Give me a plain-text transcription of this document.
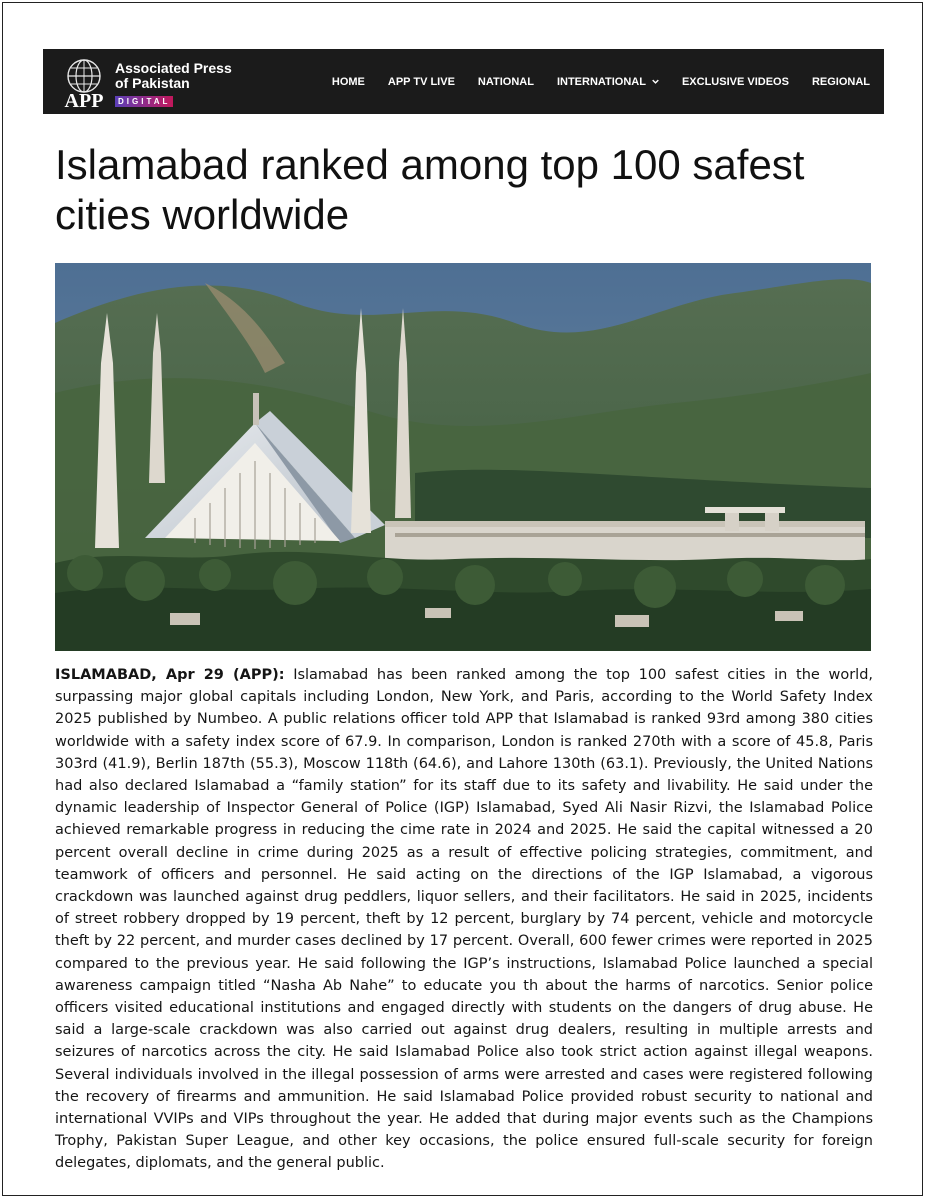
APP
Associated Press
of Pakistan
DIGITAL
HOME APP TV LIVE NATIONAL INTERNATIONAL	EXCLUSIVE VIDEOS REGIONAL
Islamabad ranked among top 100 safest cities worldwide

ISLAMABAD, Apr 29 (APP): Islamabad has been ranked among the top 100 safest cities in the world, surpassing major global capitals including London, New York, and Paris, according to the World Safety Index 2025 published by Numbeo. A public relations officer told APP that Islamabad is ranked 93rd among 380 cities worldwide with a safety index score of 67.9. In comparison, London is ranked 270th with a score of 45.8, Paris 303rd (41.9), Berlin 187th (55.3), Moscow 118th (64.6), and Lahore 130th (63.1). Previously, the United Nations had also declared Islamabad a “family station” for its staff due to its safety and livability. He said under the dynamic leadership of Inspector General of Police (IGP) Islamabad, Syed Ali Nasir Rizvi, the Islamabad Police achieved remarkable progress in reducing the cime rate in 2024 and 2025. He said the capital witnessed a 20 percent overall decline in crime during 2025 as a result of effective policing strategies, commitment, and teamwork of officers and personnel. He said acting on the directions of the IGP Islamabad, a vigorous crackdown was launched against drug peddlers, liquor sellers, and their facilitators. He said in 2025, incidents of street robbery dropped by 19 percent, theft by 12 percent, burglary by 74 percent, vehicle and motorcycle theft by 22 percent, and murder cases declined by 17 percent. Overall, 600 fewer crimes were reported in 2025 compared to the previous year. He said following the IGP’s instructions, Islamabad Police launched a special awareness campaign titled “Nasha Ab Nahe” to educate you th about the harms of narcotics. Senior police officers visited educational institutions and engaged directly with students on the dangers of drug abuse. He said a large-scale crackdown was also carried out against drug dealers, resulting in multiple arrests and seizures of narcotics across the city. He said Islamabad Police also took strict action against illegal weapons. Several individuals involved in the illegal possession of arms were arrested and cases were registered following the recovery of firearms and ammunition. He said Islamabad Police provided robust security to national and international VVIPs and VIPs throughout the year. He added that during major events such as the Champions Trophy, Pakistan Super League, and other key occasions, the police ensured full-scale security for foreign delegates, diplomats, and the general public.
